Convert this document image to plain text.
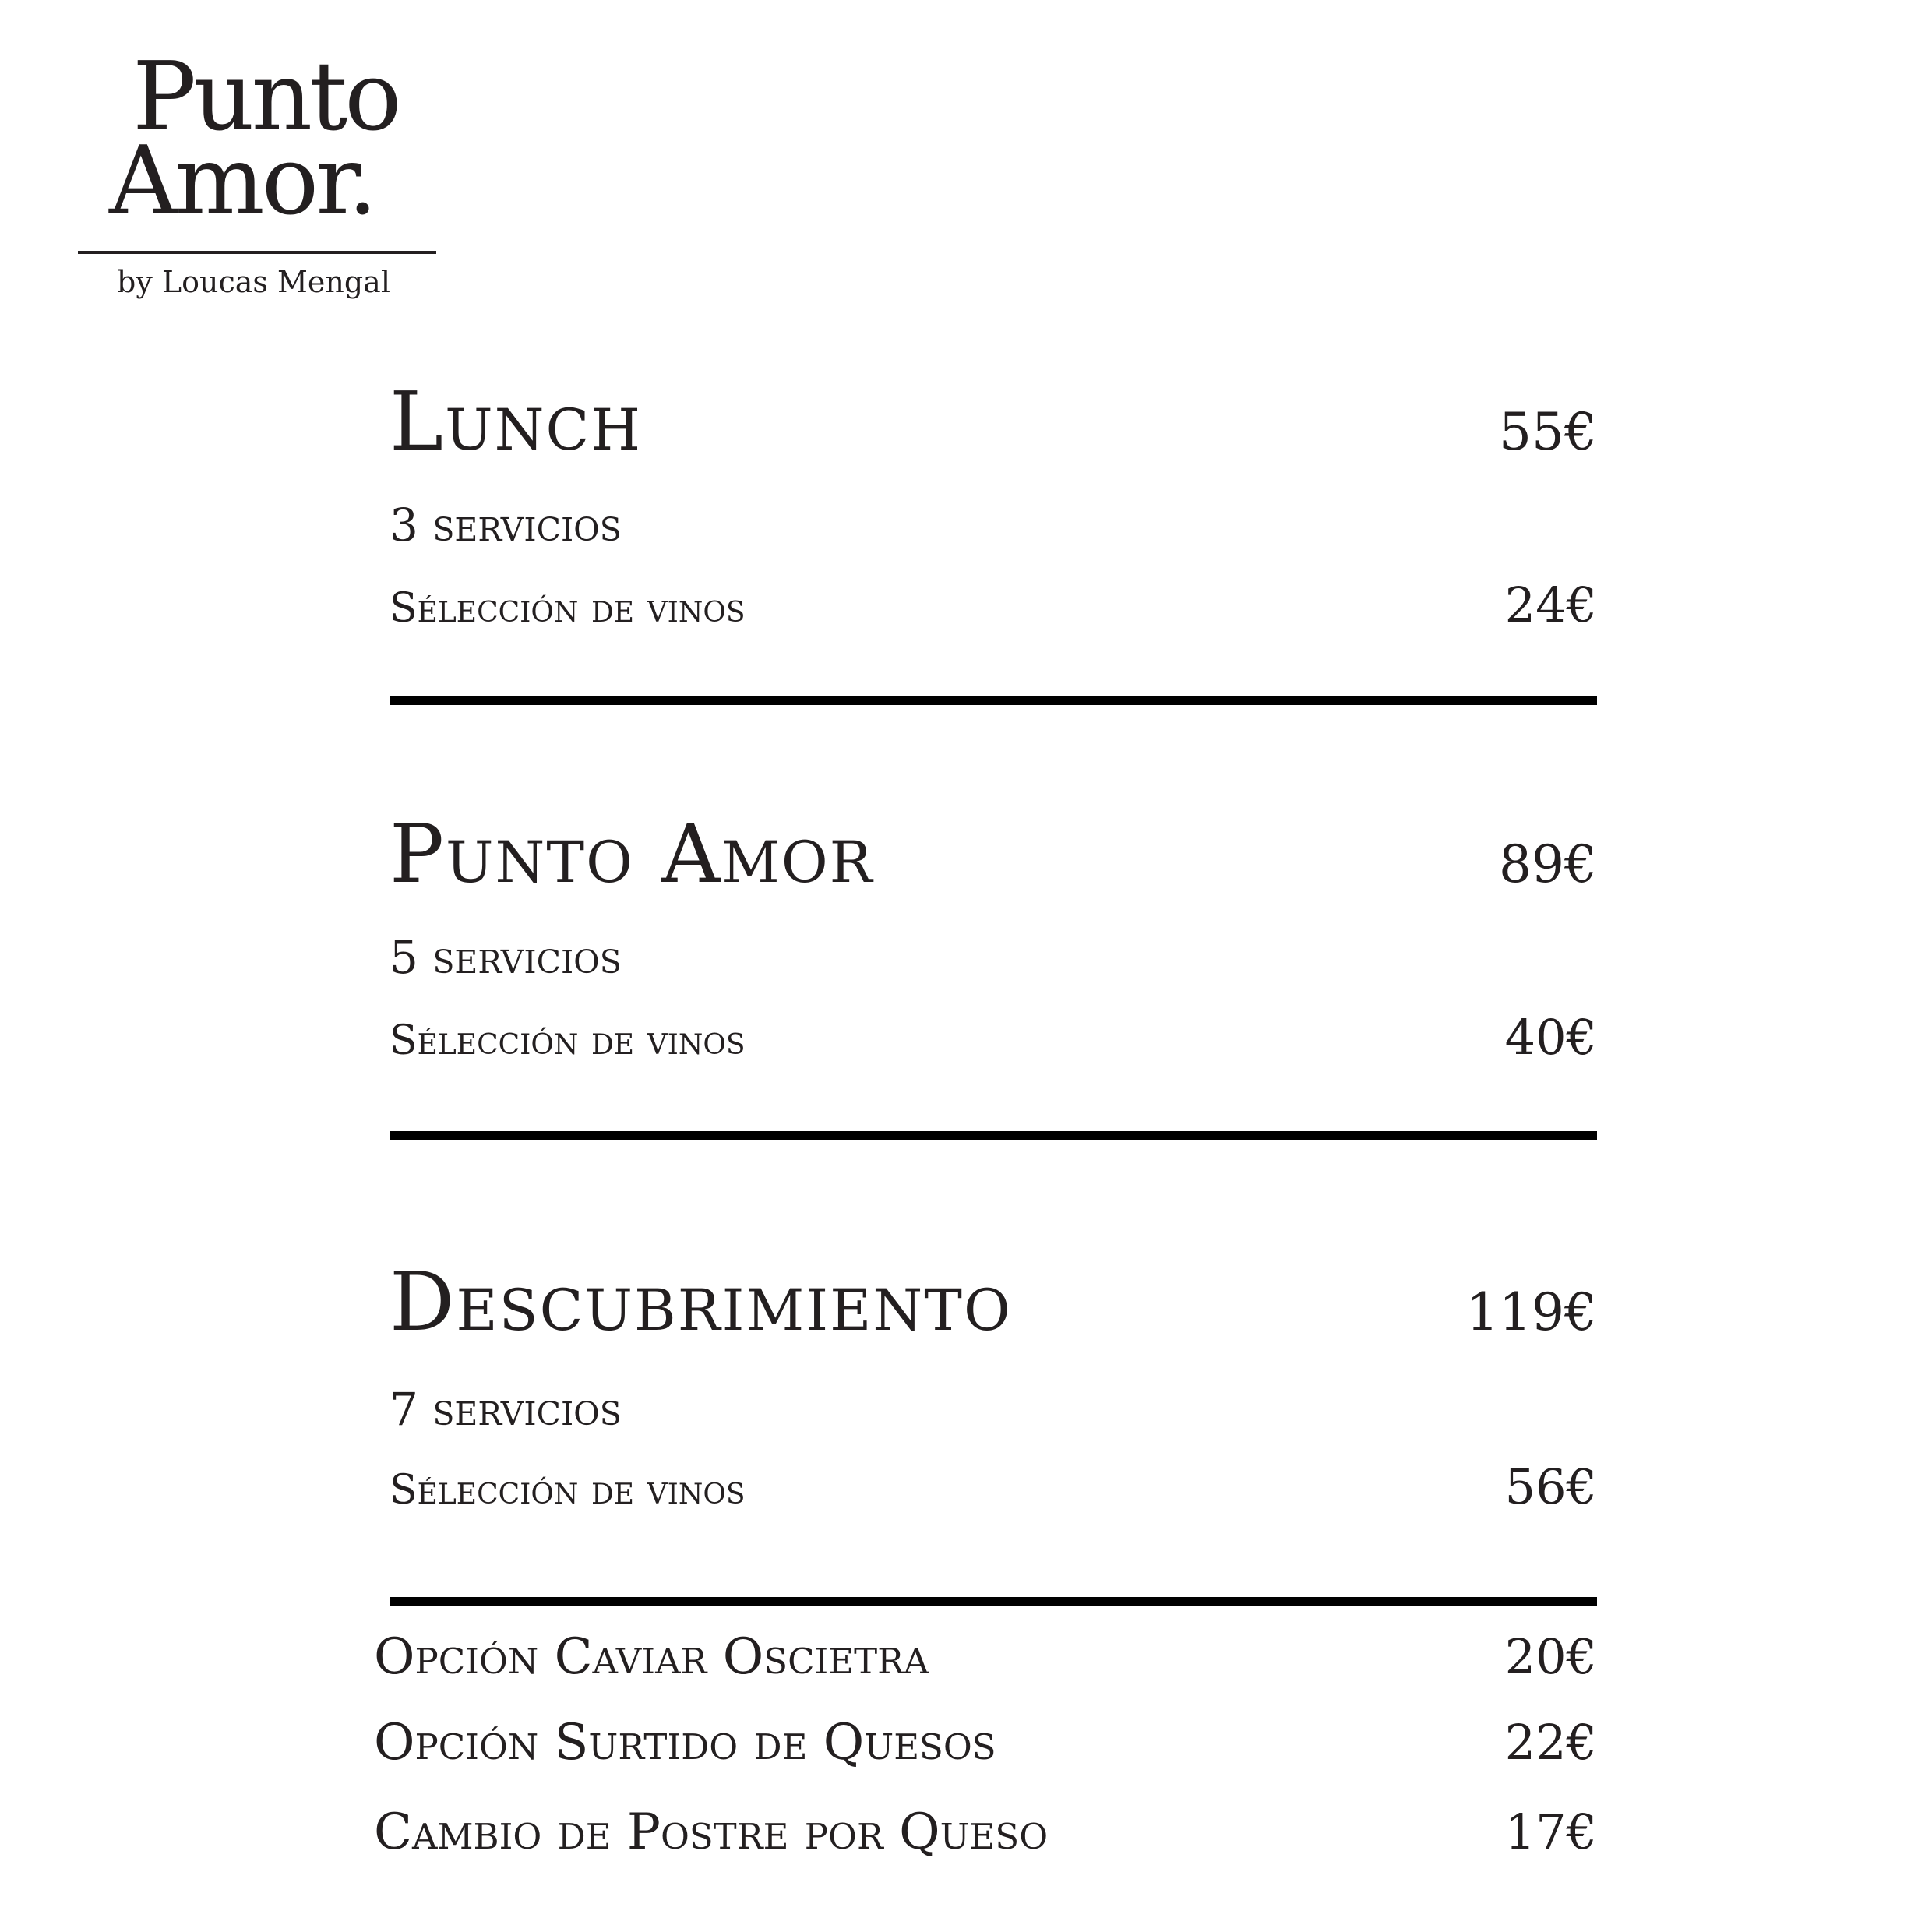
Punto
Amor.
by Loucas Mengal
Lunch	55€
3 servicios
Sélección de vinos	24€
Punto Amor	89€
5 servicios
Sélección de vinos	40€
Descubrimiento	119€
7 servicios
Sélección de vinos	56€
Opción Caviar Oscietra	20€
Opción Surtido de Quesos	22€
Cambio de Postre por Queso	17€
